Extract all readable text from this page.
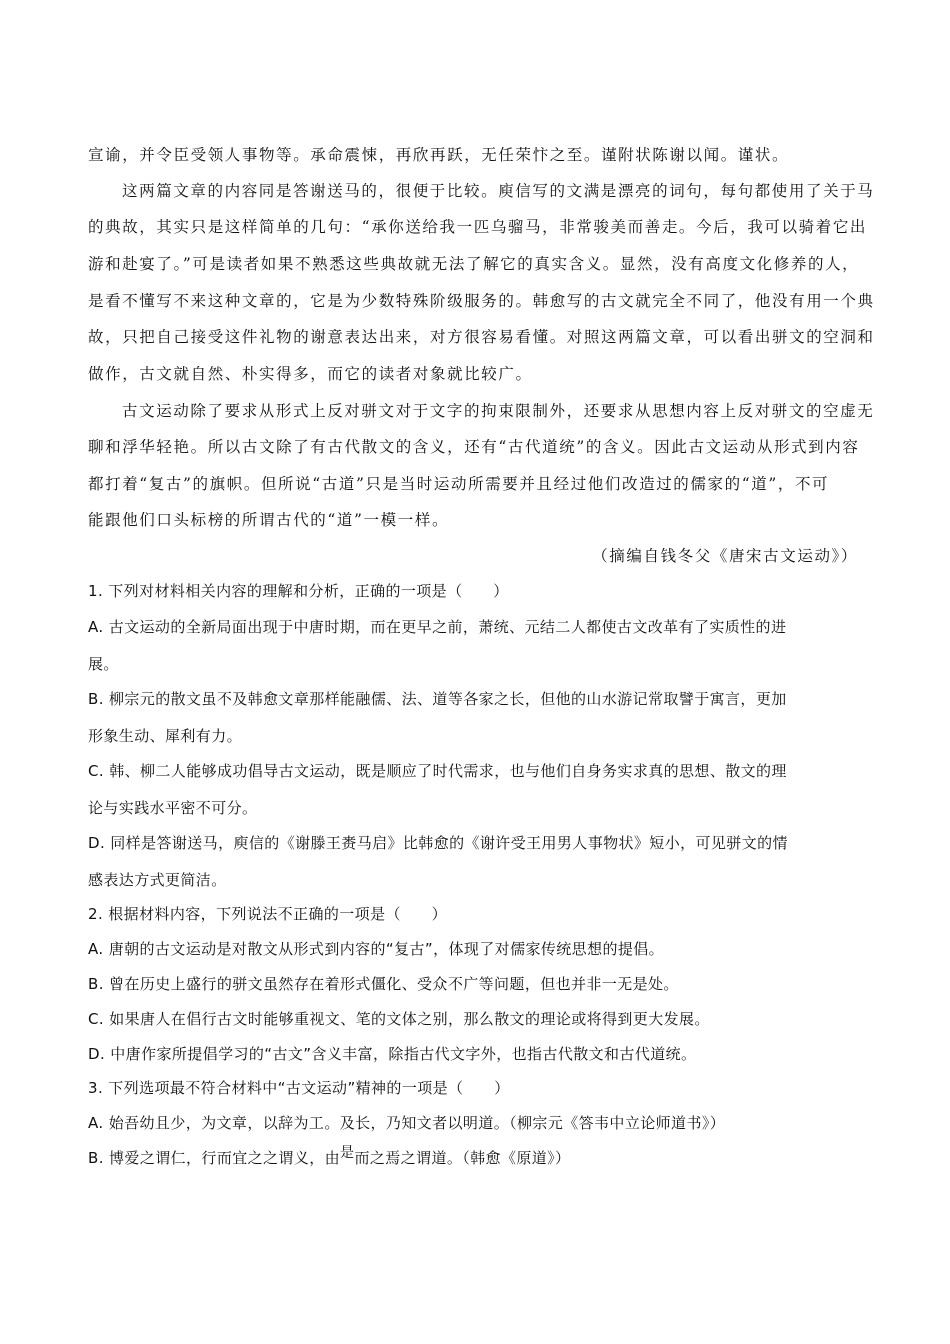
宣谕，并令臣受领人事物等。承命震悚，再欣再跃，无任荣忭之至。谨附状陈谢以闻。谨状。
这两篇文章的内容同是答谢送马的，很便于比较。庾信写的文满是漂亮的词句，每句都使用了关于马
的典故，其实只是这样简单的几句：“承你送给我一匹乌骝马，非常骏美而善走。今后，我可以骑着它出
游和赴宴了。”可是读者如果不熟悉这些典故就无法了解它的真实含义。显然，没有高度文化修养的人，
是看不懂写不来这种文章的，它是为少数特殊阶级服务的。韩愈写的古文就完全不同了，他没有用一个典
故，只把自己接受这件礼物的谢意表达出来，对方很容易看懂。对照这两篇文章，可以看出骈文的空洞和
做作，古文就自然、朴实得多，而它的读者对象就比较广。
古文运动除了要求从形式上反对骈文对于文字的拘束限制外，还要求从思想内容上反对骈文的空虚无
聊和浮华轻艳。所以古文除了有古代散文的含义，还有“古代道统”的含义。因此古文运动从形式到内容
都打着“复古”的旗帜。但所说“古道”只是当时运动所需要并且经过他们改造过的儒家的“道”，不可
能跟他们口头标榜的所谓古代的“道”一模一样。
（摘编自钱冬父《唐宋古文运动》）
1. 下列对材料相关内容的理解和分析，正确的一项是（　　）
A. 古文运动的全新局面出现于中唐时期，而在更早之前，萧统、元结二人都使古文改革有了实质性的进
展。
B. 柳宗元的散文虽不及韩愈文章那样能融儒、法、道等各家之长，但他的山水游记常取譬于寓言，更加
形象生动、犀利有力。
C. 韩、柳二人能够成功倡导古文运动，既是顺应了时代需求，也与他们自身务实求真的思想、散文的理
论与实践水平密不可分。
D. 同样是答谢送马，庾信的《谢滕王赉马启》比韩愈的《谢许受王用男人事物状》短小，可见骈文的情
感表达方式更简洁。
2. 根据材料内容，下列说法不正确的一项是（　　）
A. 唐朝的古文运动是对散文从形式到内容的“复古”，体现了对儒家传统思想的提倡。
B. 曾在历史上盛行的骈文虽然存在着形式僵化、受众不广等问题，但也并非一无是处。
C. 如果唐人在倡行古文时能够重视文、笔的文体之别，那么散文的理论或将得到更大发展。
D. 中唐作家所提倡学习的“古文”含义丰富，除指古代文字外，也指古代散文和古代道统。
3. 下列选项最不符合材料中“古文运动”精神的一项是（　　）
A. 始吾幼且少，为文章，以辞为工。及长，乃知文者以明道。（柳宗元《答韦中立论师道书》）
B. 博爱之谓仁，行而宜之之谓义，由是而之焉之谓道。（韩愈《原道》）
